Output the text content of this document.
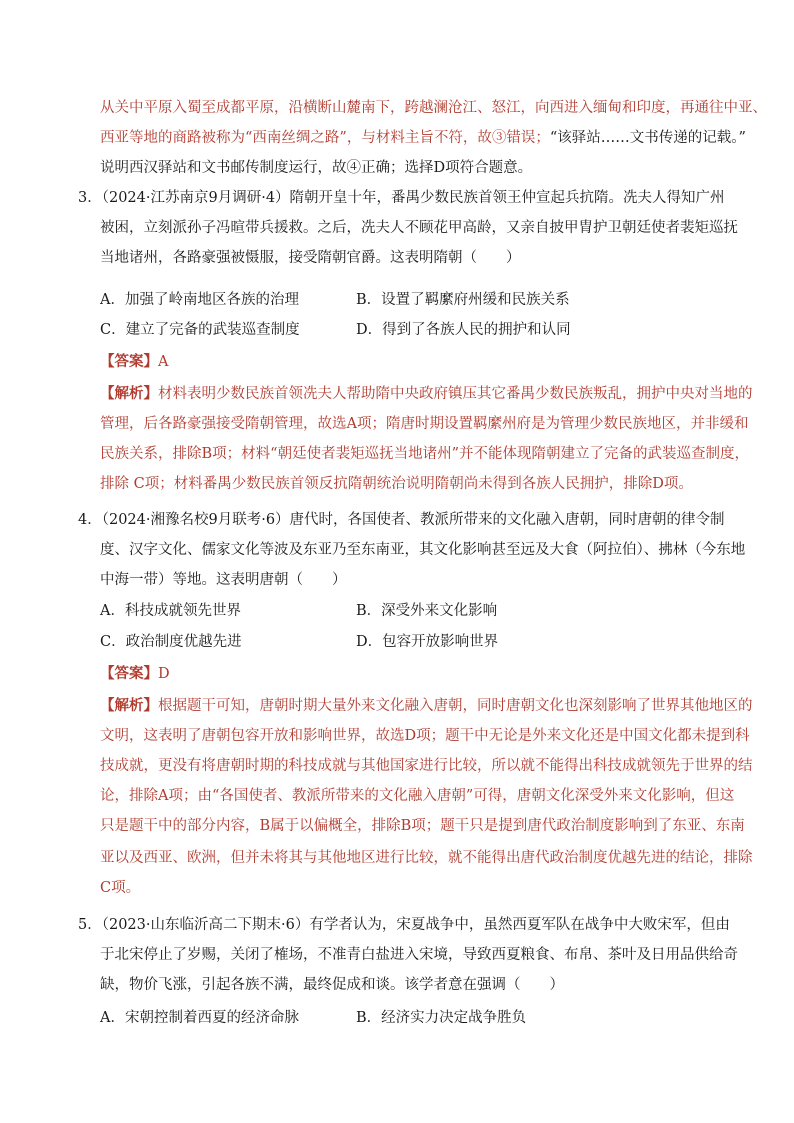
从关中平原入蜀至成都平原，沿横断山麓南下，跨越澜沧江、怒江，向西进入缅甸和印度，再通往中亚、
西亚等地的商路被称为“西南丝绸之路”，与材料主旨不符，故③错误；“该驿站……文书传递的记载。”
说明西汉驿站和文书邮传制度运行，故④正确；选择D项符合题意。
3．（2024·江苏南京9月调研·4）隋朝开皇十年，番禺少数民族首领王仲宣起兵抗隋。冼夫人得知广州
被困，立刻派孙子冯暄带兵援救。之后，冼夫人不顾花甲高龄，又亲自披甲胄护卫朝廷使者裴矩巡抚
当地诸州，各路豪强被慑服，接受隋朝官爵。这表明隋朝（　　）
A．加强了岭南地区各族的治理	B．设置了羁縻府州缓和民族关系
C．建立了完备的武装巡查制度	D．得到了各族人民的拥护和认同
【答案】A
【解析】材料表明少数民族首领冼夫人帮助隋中央政府镇压其它番禺少数民族叛乱，拥护中央对当地的
管理，后各路豪强接受隋朝管理，故选A项；隋唐时期设置羁縻州府是为管理少数民族地区，并非缓和
民族关系，排除B项；材料“朝廷使者裴矩巡抚当地诸州”并不能体现隋朝建立了完备的武装巡查制度，
排除 C项；材料番禺少数民族首领反抗隋朝统治说明隋朝尚未得到各族人民拥护，排除D项。
4．（2024·湘豫名校9月联考·6）唐代时，各国使者、教派所带来的文化融入唐朝，同时唐朝的律令制
度、汉字文化、儒家文化等波及东亚乃至东南亚，其文化影响甚至远及大食（阿拉伯）、拂林（今东地
中海一带）等地。这表明唐朝（　　）
A．科技成就领先世界	B．深受外来文化影响
C．政治制度优越先进	D．包容开放影响世界
【答案】D
【解析】根据题干可知，唐朝时期大量外来文化融入唐朝，同时唐朝文化也深刻影响了世界其他地区的
文明，这表明了唐朝包容开放和影响世界，故选D项；题干中无论是外来文化还是中国文化都未提到科
技成就，更没有将唐朝时期的科技成就与其他国家进行比较，所以就不能得出科技成就领先于世界的结
论，排除A项；由“各国使者、教派所带来的文化融入唐朝”可得，唐朝文化深受外来文化影响，但这
只是题干中的部分内容，B属于以偏概全，排除B项；题干只是提到唐代政治制度影响到了东亚、东南
亚以及西亚、欧洲，但并未将其与其他地区进行比较，就不能得出唐代政治制度优越先进的结论，排除
C项。
5．（2023·山东临沂高二下期末·6）有学者认为，宋夏战争中，虽然西夏军队在战争中大败宋军，但由
于北宋停止了岁赐，关闭了榷场，不准青白盐进入宋境，导致西夏粮食、布帛、茶叶及日用品供给奇
缺，物价飞涨，引起各族不满，最终促成和谈。该学者意在强调（　　）
A．宋朝控制着西夏的经济命脉	B．经济实力决定战争胜负
